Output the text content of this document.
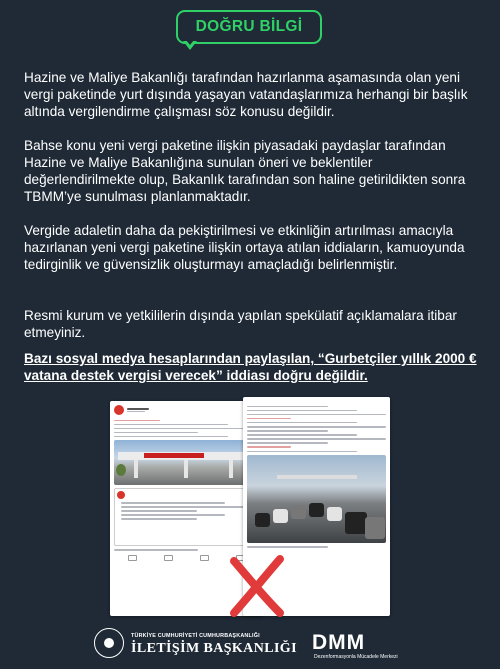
DOĞRU BİLGİ
Hazine ve Maliye Bakanlığı tarafından hazırlanma aşamasında olan yeni vergi paketinde yurt dışında yaşayan vatandaşlarımıza herhangi bir başlık altında vergilendirme çalışması söz konusu değildir.
Bahse konu yeni vergi paketine ilişkin piyasadaki paydaşlar tarafından Hazine ve Maliye Bakanlığına sunulan öneri ve beklentiler değerlendirilmekte olup, Bakanlık tarafından son haline getirildikten sonra TBMM’ye sunulması planlanmaktadır.
Vergide adaletin daha da pekiştirilmesi ve etkinliğin artırılması amacıyla hazırlanan yeni vergi paketine ilişkin ortaya atılan iddiaların, kamuoyunda tedirginlik ve güvensizlik oluşturmayı amaçladığı belirlenmiştir.
Resmi kurum ve yetkililerin dışında yapılan spekülatif açıklamalara itibar etmeyiniz.
Bazı sosyal medya hesaplarından paylaşılan, “Gurbetçiler yıllık 2000 € vatana destek vergisi verecek” iddiası doğru değildir.
TÜRKİYE CUMHURİYETİ CUMHURBAŞKANLIĞI
İLETİŞİM BAŞKANLIĞI DMM
Dezenformasyonla Mücadele Merkezi
